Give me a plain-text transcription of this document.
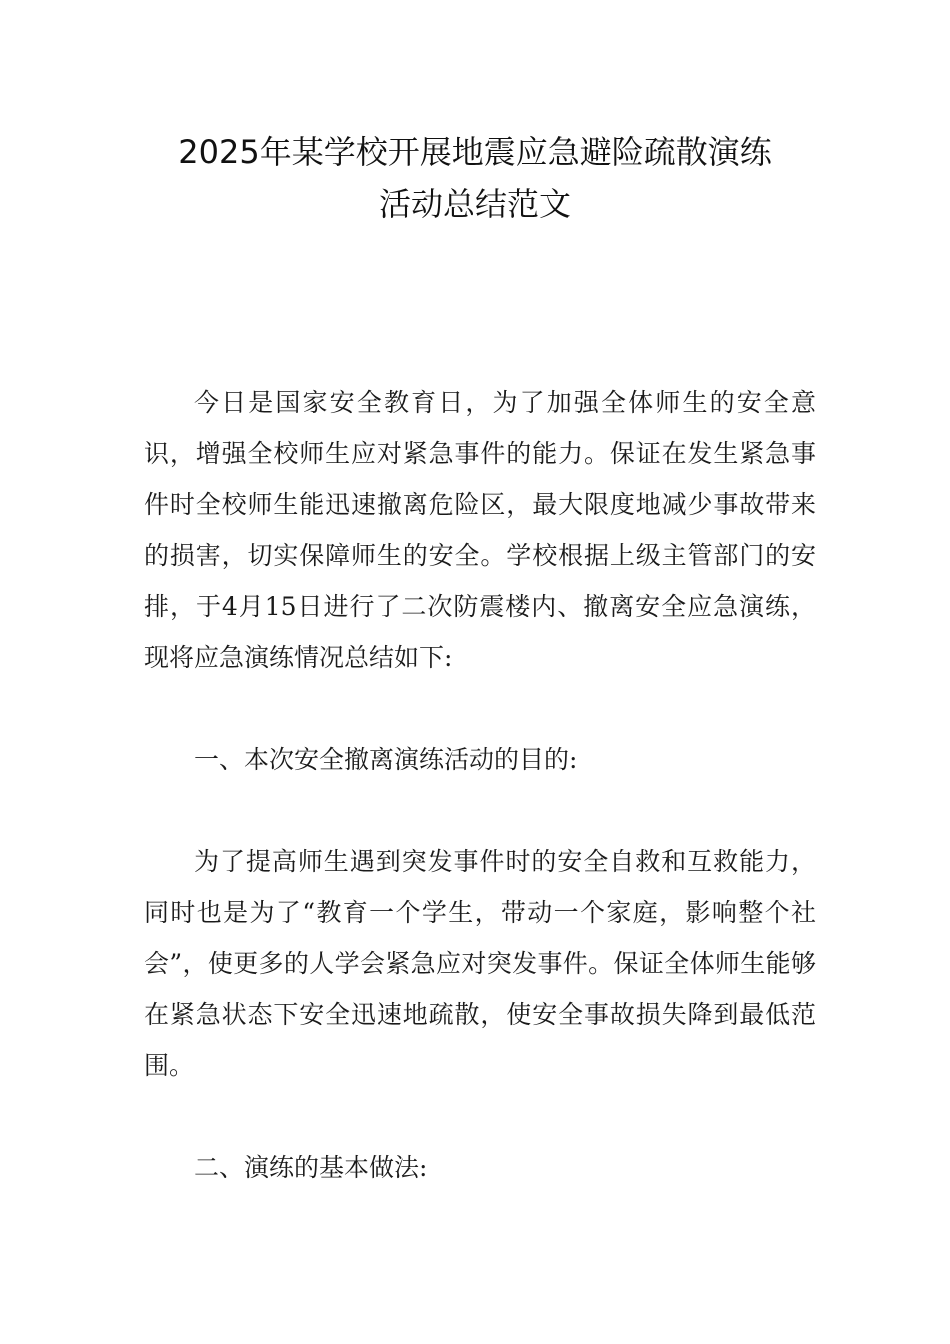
2025年某学校开展地震应急避险疏散演练
活动总结范文

今日是国家安全教育日，为了加强全体师生的安全意识，增强全校师生应对紧急事件的能力。保证在发生紧急事件时全校师生能迅速撤离危险区，最大限度地减少事故带来的损害，切实保障师生的安全。学校根据上级主管部门的安排，于4月15日进行了二次防震楼内、撤离安全应急演练，现将应急演练情况总结如下:

一、本次安全撤离演练活动的目的:

为了提高师生遇到突发事件时的安全自救和互救能力，同时也是为了“教育一个学生，带动一个家庭，影响整个社会”，使更多的人学会紧急应对突发事件。保证全体师生能够在紧急状态下安全迅速地疏散，使安全事故损失降到最低范围。

二、演练的基本做法:
